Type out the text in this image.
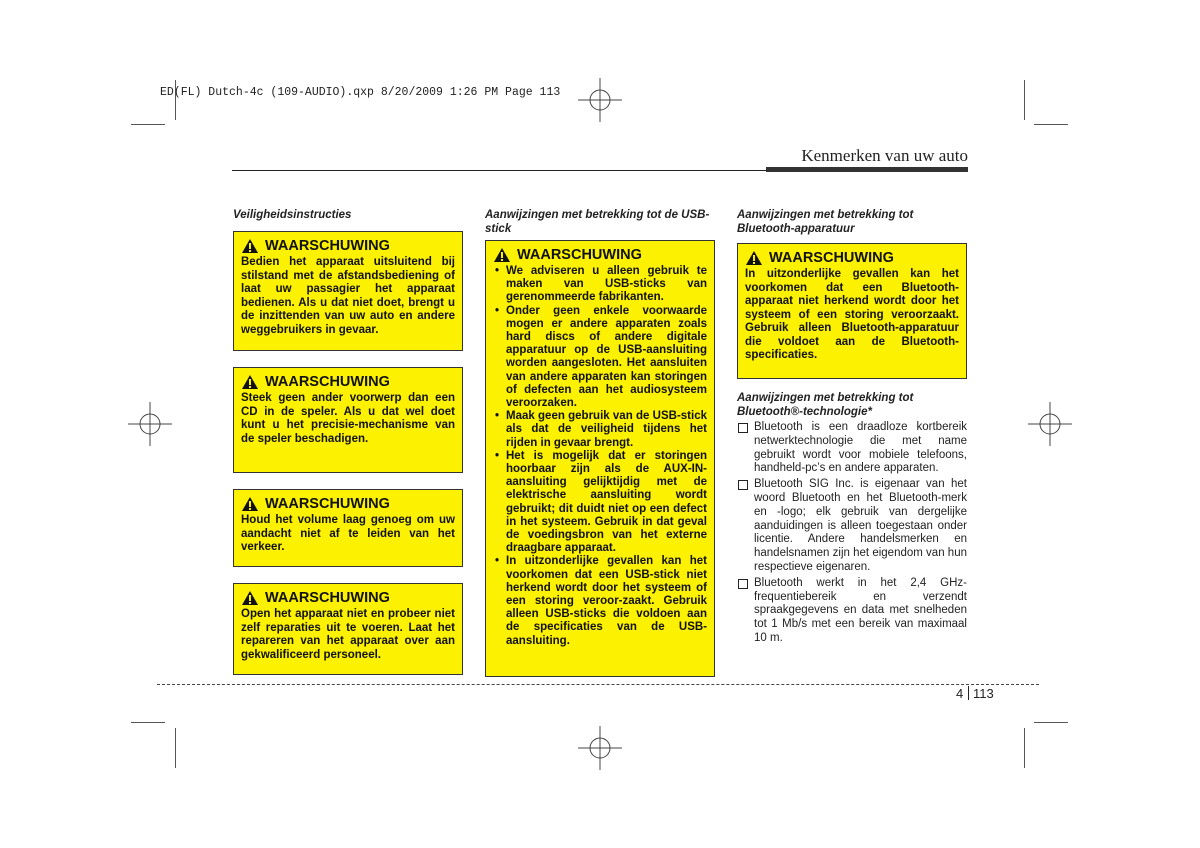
ED(FL) Dutch-4c (109-AUDIO).qxp 8/20/2009 1:26 PM Page 113
Kenmerken van uw auto
Veiligheidsinstructies
WAARSCHUWING
Bedien het apparaat uitsluitend bij stilstand met de afstandsbediening of laat uw passagier het apparaat bedienen. Als u dat niet doet, brengt u de inzittenden van uw auto en andere weggebruikers in gevaar.
WAARSCHUWING
Steek geen ander voorwerp dan een CD in de speler. Als u dat wel doet kunt u het precisie-mechanisme van de speler beschadigen.
WAARSCHUWING
Houd het volume laag genoeg om uw aandacht niet af te leiden van het verkeer.
WAARSCHUWING
Open het apparaat niet en probeer niet zelf reparaties uit te voeren. Laat het repareren van het apparaat over aan gekwalificeerd personeel.
Aanwijzingen met betrekking tot de USB-stick
WAARSCHUWING
• We adviseren u alleen gebruik te maken van USB-sticks van gerenommeerde fabrikanten.
• Onder geen enkele voorwaarde mogen er andere apparaten zoals hard discs of andere digitale apparatuur op de USB-aansluiting worden aangesloten. Het aansluiten van andere apparaten kan storingen of defecten aan het audiosysteem veroorzaken.
• Maak geen gebruik van de USB-stick als dat de veiligheid tijdens het rijden in gevaar brengt.
• Het is mogelijk dat er storingen hoorbaar zijn als de AUX-IN-aansluiting gelijktijdig met de elektrische aansluiting wordt gebruikt; dit duidt niet op een defect in het systeem. Gebruik in dat geval de voedingsbron van het externe draagbare apparaat.
• In uitzonderlijke gevallen kan het voorkomen dat een USB-stick niet herkend wordt door het systeem of een storing veroor-zaakt. Gebruik alleen USB-sticks die voldoen aan de specificaties van de USB-aansluiting.
Aanwijzingen met betrekking tot Bluetooth-apparatuur
WAARSCHUWING
In uitzonderlijke gevallen kan het voorkomen dat een Bluetooth-apparaat niet herkend wordt door het systeem of een storing veroorzaakt. Gebruik alleen Bluetooth-apparatuur die voldoet aan de Bluetooth-specificaties.
Aanwijzingen met betrekking tot Bluetooth®-technologie*
Bluetooth is een draadloze kortbereik netwerktechnologie die met name gebruikt wordt voor mobiele telefoons, handheld-pc’s en andere apparaten.
Bluetooth SIG Inc. is eigenaar van het woord Bluetooth en het Bluetooth-merk en -logo; elk gebruik van dergelijke aanduidingen is alleen toegestaan onder licentie. Andere handelsmerken en handelsnamen zijn het eigendom van hun respectieve eigenaren.
Bluetooth werkt in het 2,4 GHz-frequentiebereik en verzendt spraakgegevens en data met snelheden tot 1 Mb/s met een bereik van maximaal 10 m.
4 113
